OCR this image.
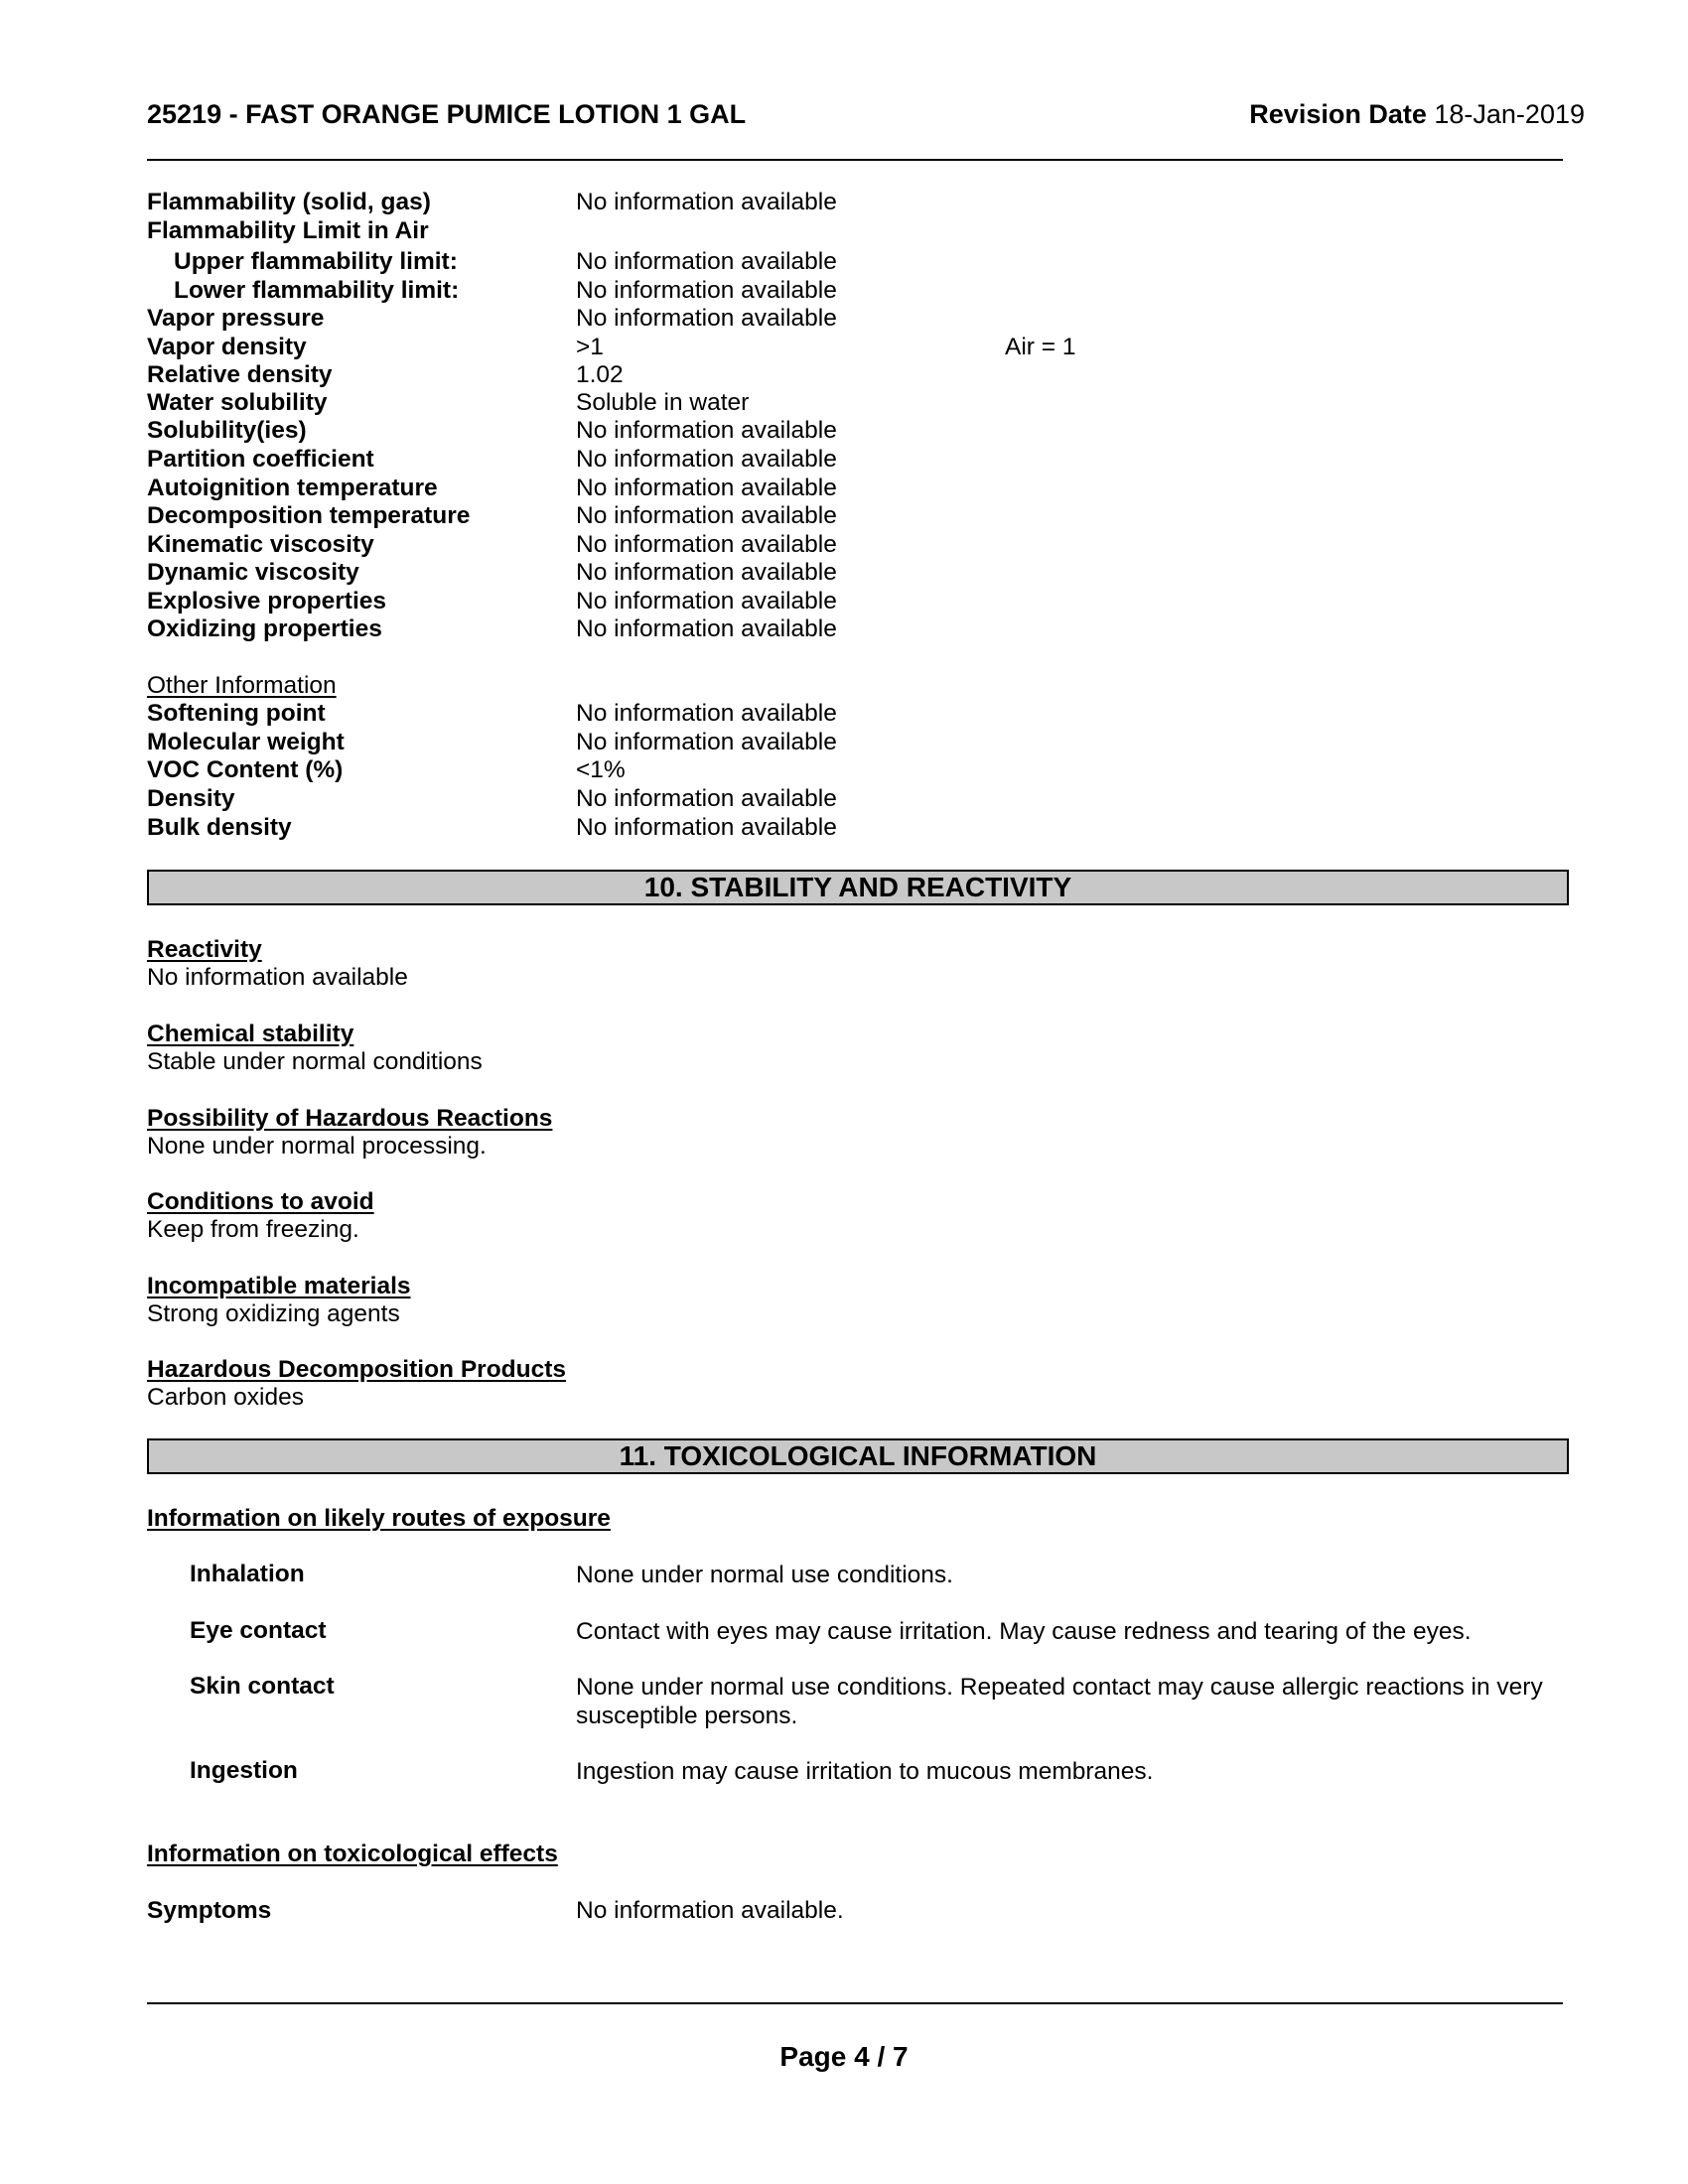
25219 - FAST ORANGE PUMICE LOTION 1 GAL	Revision Date 18-Jan-2019
Flammability (solid, gas)	No information available
Flammability Limit in Air
Upper flammability limit:	No information available
Lower flammability limit:	No information available
Vapor pressure	No information available
Vapor density	>1	Air = 1
Relative density	1.02
Water solubility	Soluble in water
Solubility(ies)	No information available
Partition coefficient	No information available
Autoignition temperature	No information available
Decomposition temperature	No information available
Kinematic viscosity	No information available
Dynamic viscosity	No information available
Explosive properties	No information available
Oxidizing properties	No information available
Other Information
Softening point	No information available
Molecular weight	No information available
VOC Content (%)	<1%
Density	No information available
Bulk density	No information available
10. STABILITY AND REACTIVITY
Reactivity
No information available
Chemical stability
Stable under normal conditions
Possibility of Hazardous Reactions
None under normal processing.
Conditions to avoid
Keep from freezing.
Incompatible materials
Strong oxidizing agents
Hazardous Decomposition Products
Carbon oxides
11. TOXICOLOGICAL INFORMATION
Information on likely routes of exposure
Inhalation	None under normal use conditions.
Eye contact	Contact with eyes may cause irritation. May cause redness and tearing of the eyes.
Skin contact	None under normal use conditions. Repeated contact may cause allergic reactions in very susceptible persons.
Ingestion	Ingestion may cause irritation to mucous membranes.
Information on toxicological effects
Symptoms	No information available.
Page 4 / 7
